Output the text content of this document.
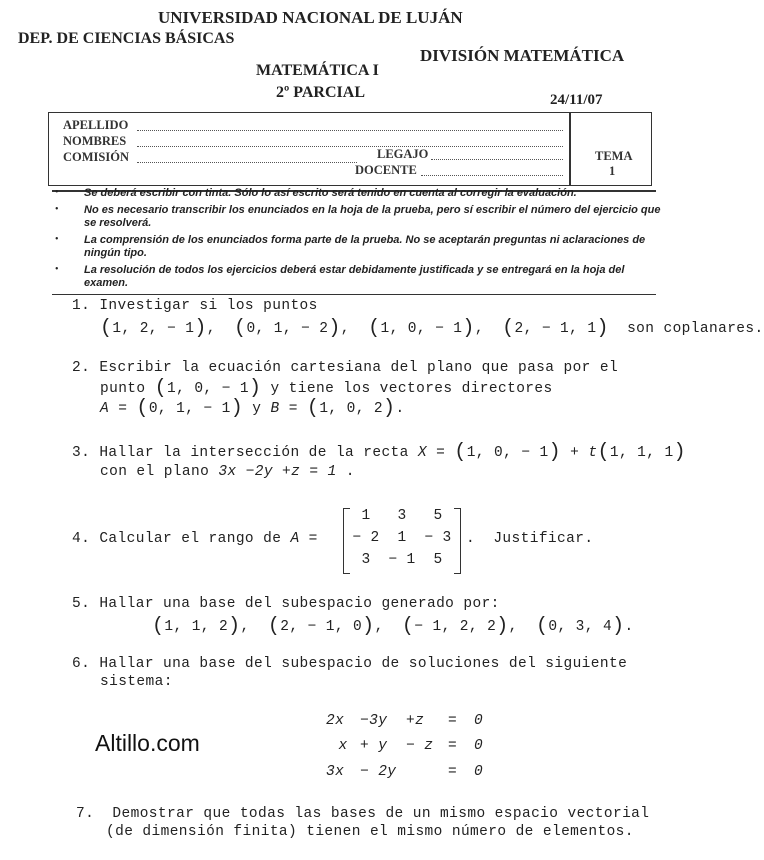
UNIVERSIDAD NACIONAL DE LUJÁN
DEP. DE CIENCIAS BÁSICAS
DIVISIÓN MATEMÁTICA
MATEMÁTICA I
2º PARCIAL	24/11/07
APELLIDO
NOMBRES
COMISIÓN	LEGAJO
DOCENTE
TEMA
1
• Se deberá escribir con tinta. Sólo lo así escrito será tenido en cuenta al corregir la evaluación.
• No es necesario transcribir los enunciados en la hoja de la prueba, pero sí escribir el número del ejercicio que se resolverá.
• La comprensión de los enunciados forma parte de la prueba. No se aceptarán preguntas ni aclaraciones de ningún tipo.
• La resolución de todos los ejercicios deberá estar debidamente justificada y se entregará en la hoja del examen.
1. Investigar si los puntos
(1, 2, − 1),  (0, 1, − 2),  (1, 0, − 1),  (2, − 1, 1) son coplanares.
2. Escribir la ecuación cartesiana del plano que pasa por el
punto (1, 0, − 1) y tiene los vectores directores
A = (0, 1, − 1) y B = (1, 0, 2).
3. Hallar la intersección de la recta X = (1, 0, − 1) + t(1, 1, 1)
con el plano 3x −2y +z = 1 .
4. Calcular el rango de A =
1	3	5
− 2	1	− 3
3	− 1	5
.  Justificar.
5. Hallar una base del subespacio generado por:
(1, 1, 2),  (2, − 1, 0),  (− 1, 2, 2),  (0, 3, 4).
6. Hallar una base del subespacio de soluciones del siguiente
sistema:
2x −3y +z = 0
x + y − z = 0
3x − 2y	= 0
Altillo.com
7. Demostrar que todas las bases de un mismo espacio vectorial
(de dimensión finita) tienen el mismo número de elementos.
